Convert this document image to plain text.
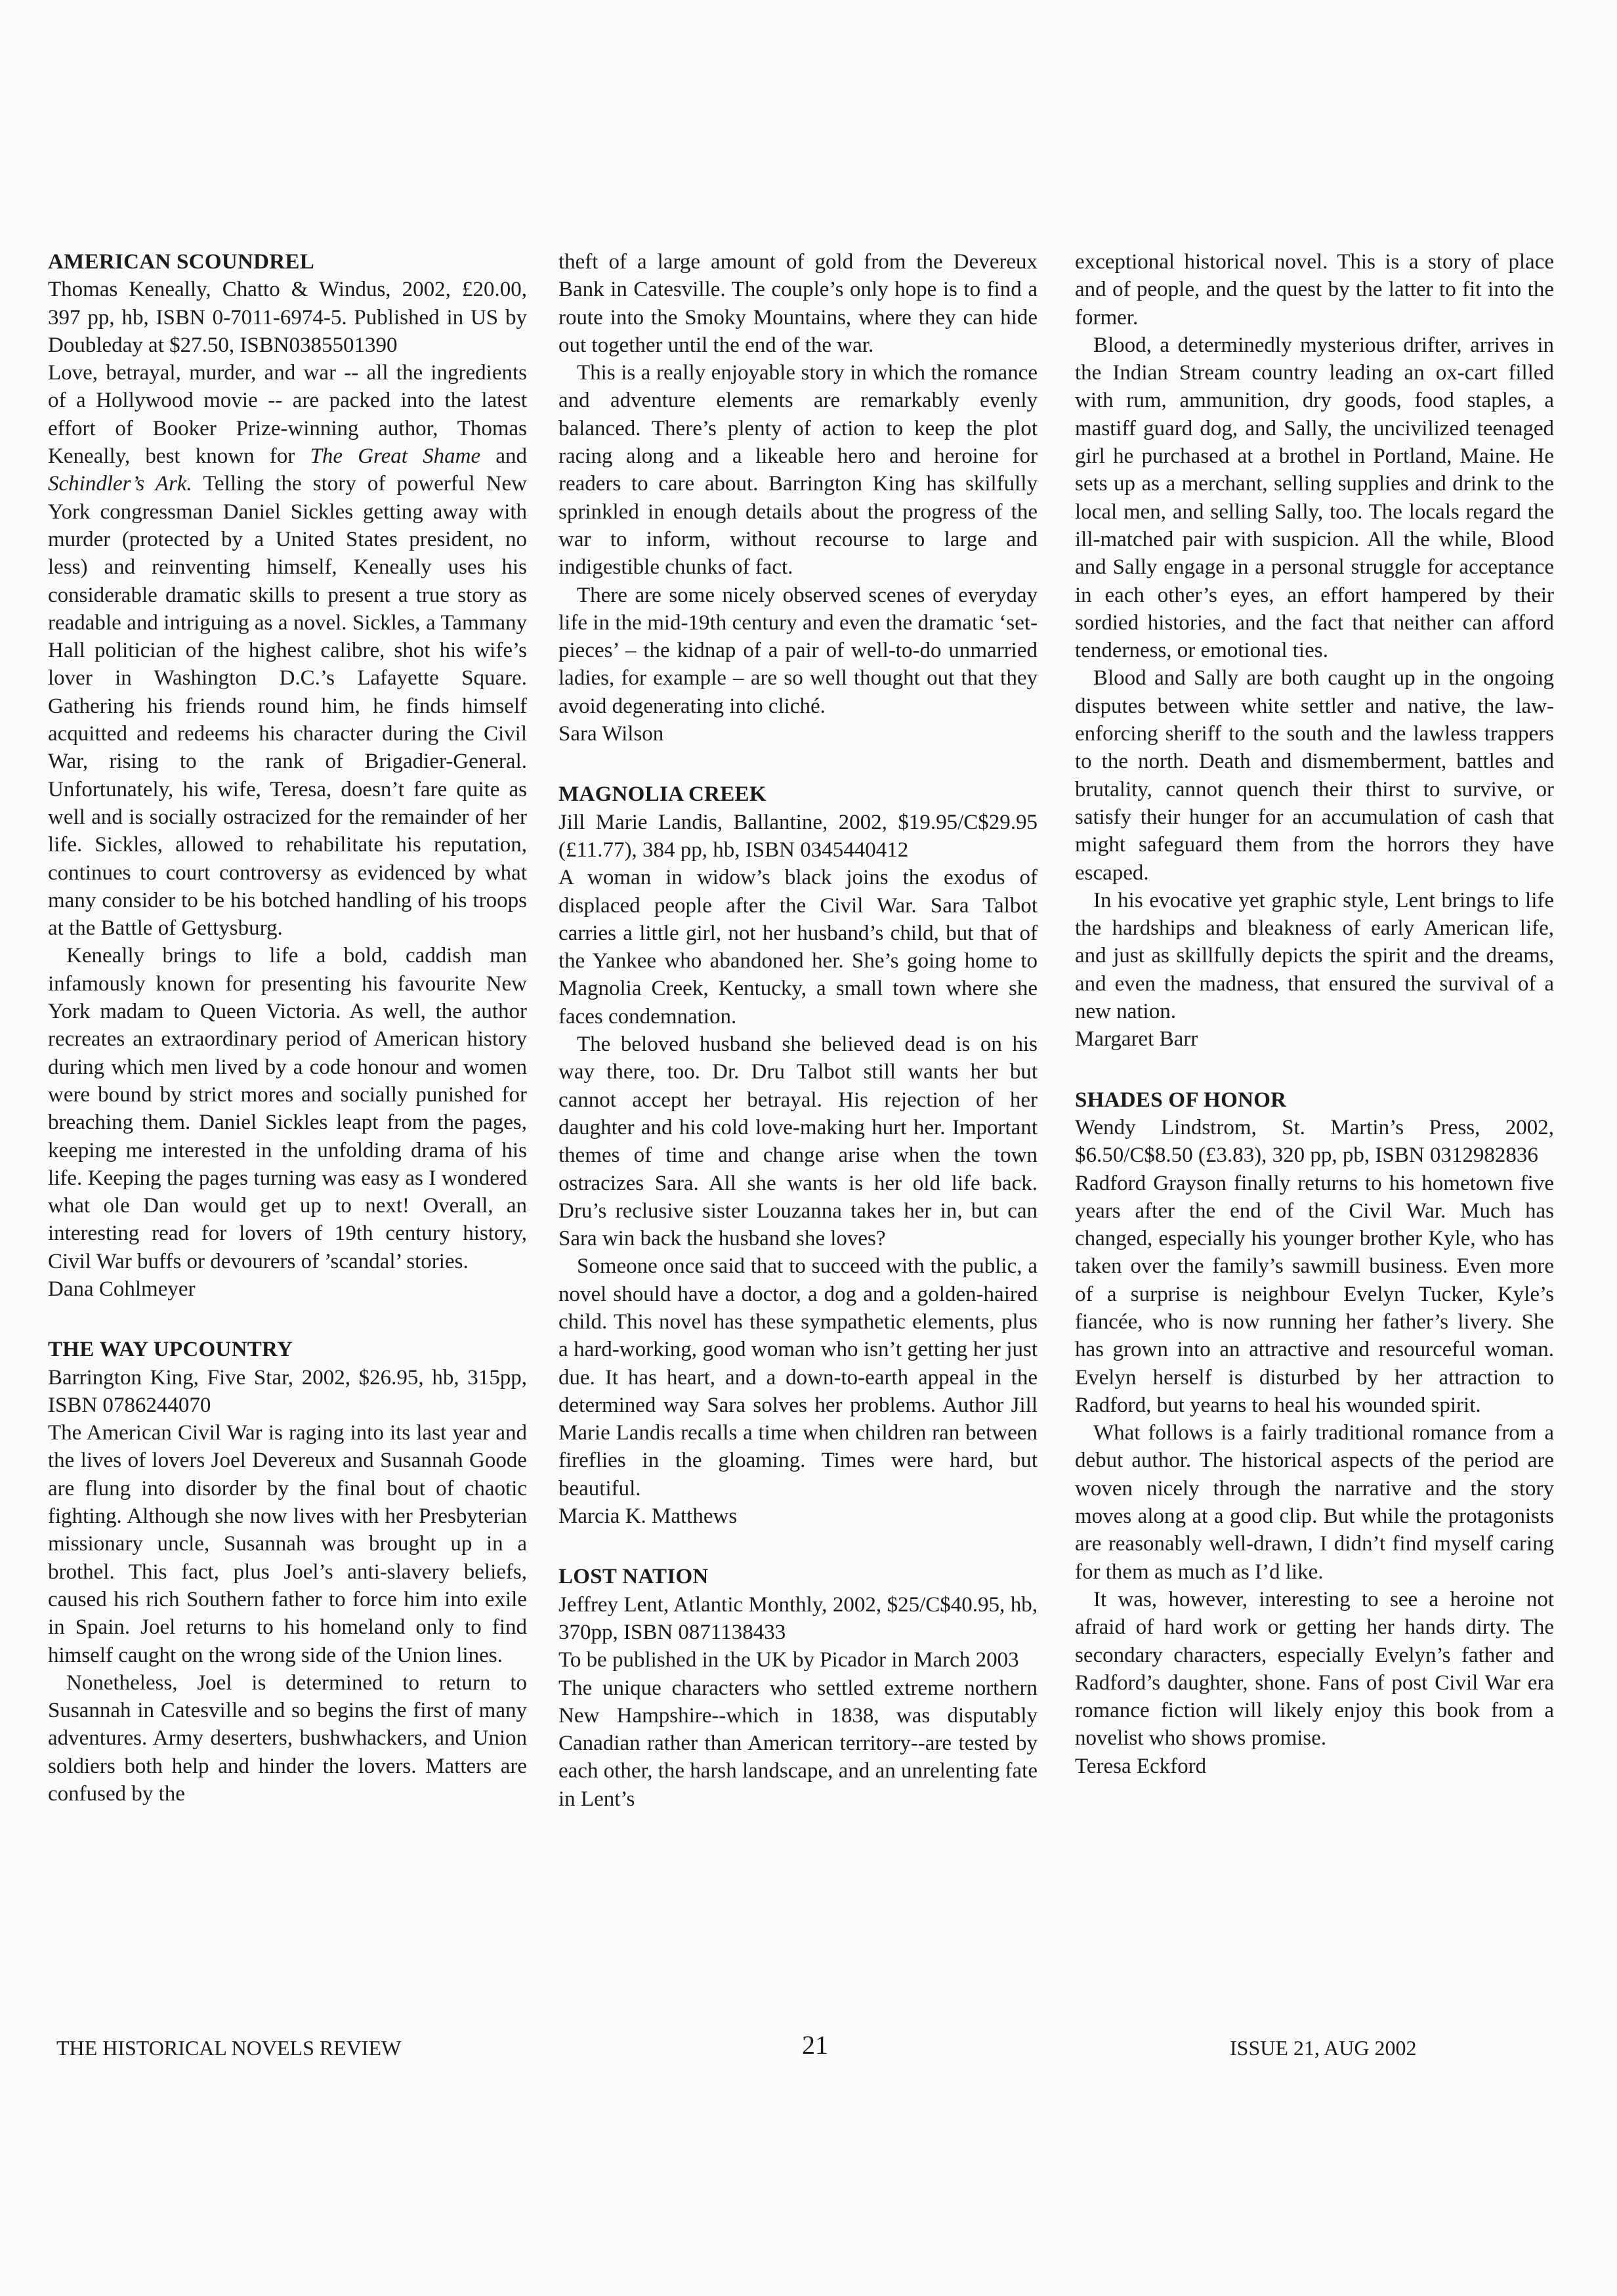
AMERICAN SCOUNDREL

Thomas Keneally, Chatto & Windus, 2002, £20.00, 397 pp, hb, ISBN 0-7011-6974-5. Published in US by Doubleday at $27.50, ISBN0385501390

Love, betrayal, murder, and war -- all the ingredients of a Hollywood movie -- are packed into the latest effort of Booker Prize-winning author, Thomas Keneally, best known for The Great Shame and Schindler’s Ark. Telling the story of powerful New York congressman Daniel Sickles getting away with murder (protected by a United States president, no less) and reinventing himself, Keneally uses his considerable dramatic skills to present a true story as readable and intriguing as a novel. Sickles, a Tammany Hall politician of the highest calibre, shot his wife’s lover in Washington D.C.’s Lafayette Square. Gathering his friends round him, he finds himself acquitted and redeems his character during the Civil War, rising to the rank of Brigadier-General. Unfortunately, his wife, Teresa, doesn’t fare quite as well and is socially ostracized for the remainder of her life. Sickles, allowed to rehabilitate his reputation, continues to court controversy as evidenced by what many consider to be his botched handling of his troops at the Battle of Gettysburg.

Keneally brings to life a bold, caddish man infamously known for presenting his favourite New York madam to Queen Victoria. As well, the author recreates an extraordinary period of American history during which men lived by a code honour and women were bound by strict mores and socially punished for breaching them. Daniel Sickles leapt from the pages, keeping me interested in the unfolding drama of his life. Keeping the pages turning was easy as I wondered what ole Dan would get up to next! Overall, an interesting read for lovers of 19th century history, Civil War buffs or devourers of ’scandal’ stories.

Dana Cohlmeyer

THE WAY UPCOUNTRY

Barrington King, Five Star, 2002, $26.95, hb, 315pp, ISBN 0786244070

The American Civil War is raging into its last year and the lives of lovers Joel Devereux and Susannah Goode are flung into disorder by the final bout of chaotic fighting. Although she now lives with her Presbyterian missionary uncle, Susannah was brought up in a brothel. This fact, plus Joel’s anti-slavery beliefs, caused his rich Southern father to force him into exile in Spain. Joel returns to his homeland only to find himself caught on the wrong side of the Union lines.

Nonetheless, Joel is determined to return to Susannah in Catesville and so begins the first of many adventures. Army deserters, bushwhackers, and Union soldiers both help and hinder the lovers. Matters are confused by the

theft of a large amount of gold from the Devereux Bank in Catesville. The couple’s only hope is to find a route into the Smoky Mountains, where they can hide out together until the end of the war.

This is a really enjoyable story in which the romance and adventure elements are remarkably evenly balanced. There’s plenty of action to keep the plot racing along and a likeable hero and heroine for readers to care about. Barrington King has skilfully sprinkled in enough details about the progress of the war to inform, without recourse to large and indigestible chunks of fact.

There are some nicely observed scenes of everyday life in the mid-19th century and even the dramatic ‘set-pieces’ – the kidnap of a pair of well-to-do unmarried ladies, for example – are so well thought out that they avoid degenerating into cliché.

Sara Wilson

MAGNOLIA CREEK

Jill Marie Landis, Ballantine, 2002, $19.95/C$29.95 (£11.77), 384 pp, hb, ISBN 0345440412

A woman in widow’s black joins the exodus of displaced people after the Civil War. Sara Talbot carries a little girl, not her husband’s child, but that of the Yankee who abandoned her. She’s going home to Magnolia Creek, Kentucky, a small town where she faces condemnation.

The beloved husband she believed dead is on his way there, too. Dr. Dru Talbot still wants her but cannot accept her betrayal. His rejection of her daughter and his cold love-making hurt her. Important themes of time and change arise when the town ostracizes Sara. All she wants is her old life back. Dru’s reclusive sister Louzanna takes her in, but can Sara win back the husband she loves?

Someone once said that to succeed with the public, a novel should have a doctor, a dog and a golden-haired child. This novel has these sympathetic elements, plus a hard-working, good woman who isn’t getting her just due. It has heart, and a down-to-earth appeal in the determined way Sara solves her problems. Author Jill Marie Landis recalls a time when children ran between fireflies in the gloaming. Times were hard, but beautiful.

Marcia K. Matthews

LOST NATION

Jeffrey Lent, Atlantic Monthly, 2002, $25/C$40.95, hb, 370pp, ISBN 0871138433

To be published in the UK by Picador in March 2003

The unique characters who settled extreme northern New Hampshire--which in 1838, was disputably Canadian rather than American territory--are tested by each other, the harsh landscape, and an unrelenting fate in Lent’s

exceptional historical novel. This is a story of place and of people, and the quest by the latter to fit into the former.

Blood, a determinedly mysterious drifter, arrives in the Indian Stream country leading an ox-cart filled with rum, ammunition, dry goods, food staples, a mastiff guard dog, and Sally, the uncivilized teenaged girl he purchased at a brothel in Portland, Maine. He sets up as a merchant, selling supplies and drink to the local men, and selling Sally, too. The locals regard the ill-matched pair with suspicion. All the while, Blood and Sally engage in a personal struggle for acceptance in each other’s eyes, an effort hampered by their sordied histories, and the fact that neither can afford tenderness, or emotional ties.

Blood and Sally are both caught up in the ongoing disputes between white settler and native, the law-enforcing sheriff to the south and the lawless trappers to the north. Death and dismemberment, battles and brutality, cannot quench their thirst to survive, or satisfy their hunger for an accumulation of cash that might safeguard them from the horrors they have escaped.

In his evocative yet graphic style, Lent brings to life the hardships and bleakness of early American life, and just as skillfully depicts the spirit and the dreams, and even the madness, that ensured the survival of a new nation.

Margaret Barr

SHADES OF HONOR

Wendy Lindstrom, St. Martin’s Press, 2002, $6.50/C$8.50 (£3.83), 320 pp, pb, ISBN 0312982836

Radford Grayson finally returns to his hometown five years after the end of the Civil War. Much has changed, especially his younger brother Kyle, who has taken over the family’s sawmill business. Even more of a surprise is neighbour Evelyn Tucker, Kyle’s fiancée, who is now running her father’s livery. She has grown into an attractive and resourceful woman. Evelyn herself is disturbed by her attraction to Radford, but yearns to heal his wounded spirit.

What follows is a fairly traditional romance from a debut author. The historical aspects of the period are woven nicely through the narrative and the story moves along at a good clip. But while the protagonists are reasonably well-drawn, I didn’t find myself caring for them as much as I’d like.

It was, however, interesting to see a heroine not afraid of hard work or getting her hands dirty. The secondary characters, especially Evelyn’s father and Radford’s daughter, shone. Fans of post Civil War era romance fiction will likely enjoy this book from a novelist who shows promise.

Teresa Eckford

THE HISTORICAL NOVELS REVIEW	21	ISSUE 21, AUG 2002
